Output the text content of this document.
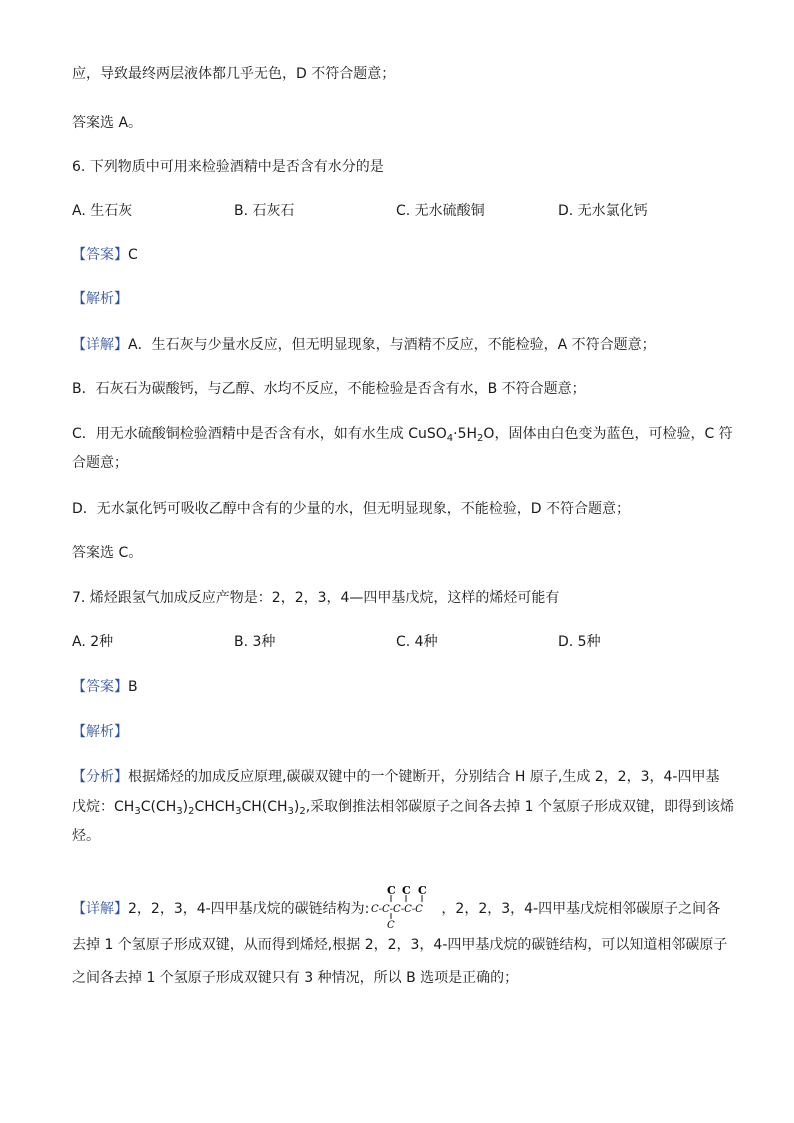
应，导致最终两层液体都几乎无色，D 不符合题意；
答案选 A。
6. 下列物质中可用来检验酒精中是否含有水分的是
A. 生石灰	B. 石灰石	C. 无水硫酸铜	D. 无水氯化钙
【答案】C
【解析】
【详解】A．生石灰与少量水反应，但无明显现象，与酒精不反应，不能检验，A 不符合题意；
B．石灰石为碳酸钙，与乙醇、水均不反应，不能检验是否含有水，B 不符合题意；
C．用无水硫酸铜检验酒精中是否含有水，如有水生成 $CuSO_4\cdot 5H_2O$，固体由白色变为蓝色，可检验，C 符
合题意；
D．无水氯化钙可吸收乙醇中含有的少量的水，但无明显现象，不能检验，D 不符合题意；
答案选 C。
7. 烯烃跟氢气加成反应产物是：2，2，3，4—四甲基戊烷，这样的烯烃可能有
A. 2种	B. 3种	C. 4种	D. 5种
【答案】B
【解析】
【分析】根据烯烃的加成反应原理,碳碳双键中的一个键断开，分别结合 H 原子,生成 2，2，3，4-四甲基
戊烷：$CH_3C(CH_3)_2CHCH_3CH(CH_3)_2$,采取倒推法相邻碳原子之间各去掉 1 个氢原子形成双键，即得到该烯
烃。
【详解】2，2，3，4-四甲基戊烷的碳链结构为:
C C C
C-C-C-C-C
C
，2，2，3，4-四甲基戊烷相邻碳原子之间各
去掉 1 个氢原子形成双键，从而得到烯烃,根据 2，2，3，4-四甲基戊烷的碳链结构，可以知道相邻碳原子
之间各去掉 1 个氢原子形成双键只有 3 种情况，所以 B 选项是正确的；
